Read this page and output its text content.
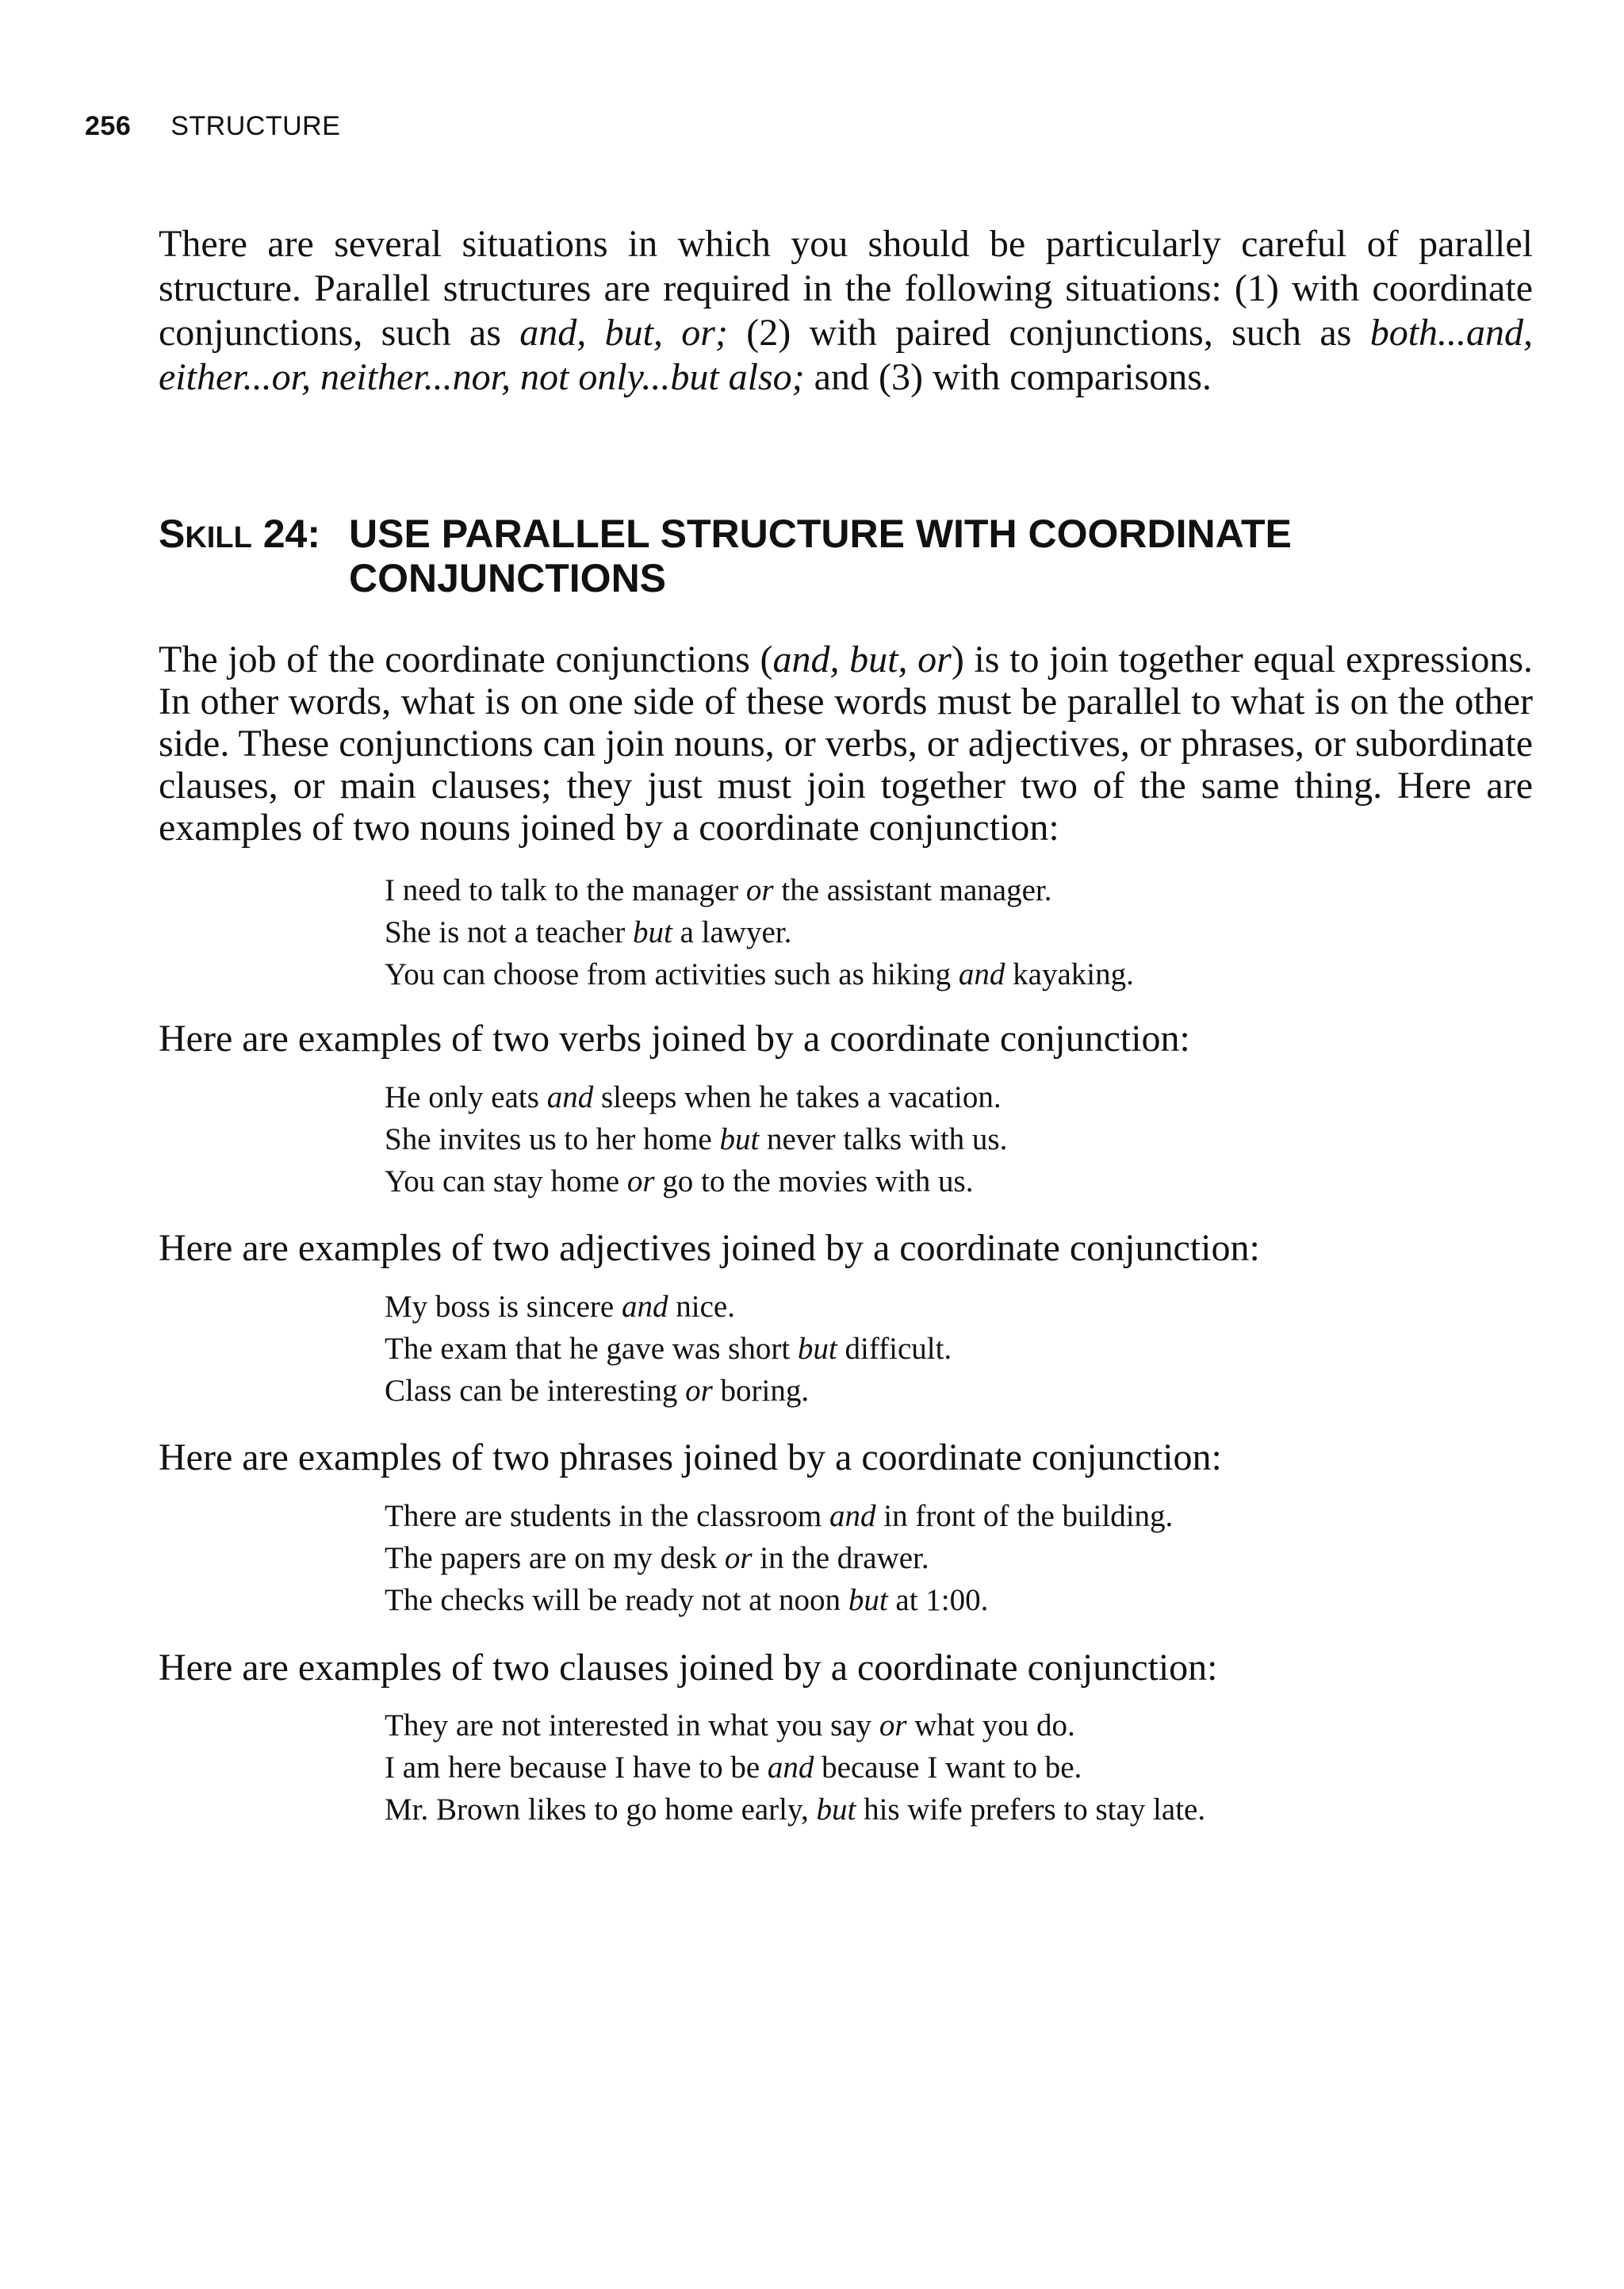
256 STRUCTURE

There are several situations in which you should be particularly careful of parallel structure. Parallel structures are required in the following situations: (1) with coordinate conjunctions, such as and, but, or; (2) with paired conjunctions, such as both...and, either...or, neither...nor, not only...but also; and (3) with comparisons.

SKILL 24: USE PARALLEL STRUCTURE WITH COORDINATE CONJUNCTIONS

The job of the coordinate conjunctions (and, but, or) is to join together equal expressions. In other words, what is on one side of these words must be parallel to what is on the other side. These conjunctions can join nouns, or verbs, or adjectives, or phrases, or subordinate clauses, or main clauses; they just must join together two of the same thing. Here are examples of two nouns joined by a coordinate conjunction:

I need to talk to the manager or the assistant manager.

She is not a teacher but a lawyer.

You can choose from activities such as hiking and kayaking.

Here are examples of two verbs joined by a coordinate conjunction:

He only eats and sleeps when he takes a vacation.

She invites us to her home but never talks with us.

You can stay home or go to the movies with us.

Here are examples of two adjectives joined by a coordinate conjunction:

My boss is sincere and nice.

The exam that he gave was short but difficult.

Class can be interesting or boring.

Here are examples of two phrases joined by a coordinate conjunction:

There are students in the classroom and in front of the building.

The papers are on my desk or in the drawer.

The checks will be ready not at noon but at 1:00.

Here are examples of two clauses joined by a coordinate conjunction:

They are not interested in what you say or what you do.

I am here because I have to be and because I want to be.

Mr. Brown likes to go home early, but his wife prefers to stay late.
